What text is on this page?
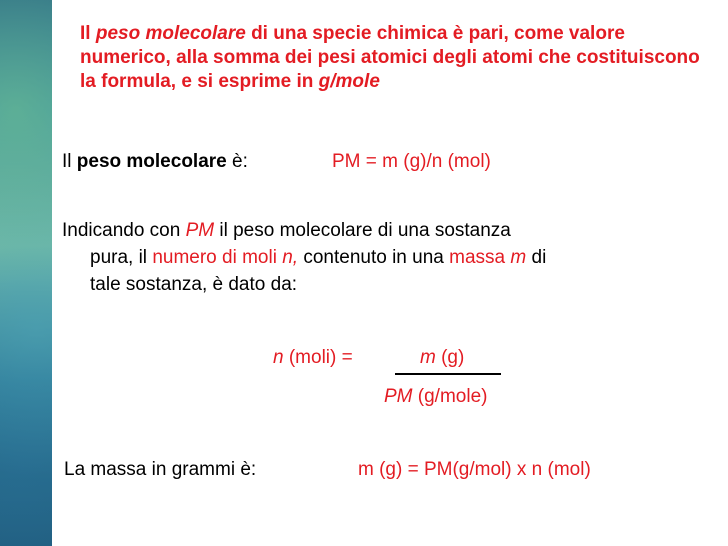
Il peso molecolare di una specie chimica è pari, come valore numerico, alla somma dei pesi atomici degli atomi che costituiscono la formula, e si esprime in g/mole
Il peso molecolare è:	PM = m (g)/n (mol)
Indicando con PM il peso molecolare di una sostanza
pura, il numero di moli n, contenuto in una massa m di
tale sostanza, è dato da:
n (moli) =	m (g)
PM (g/mole)
La massa in grammi è:	m (g) = PM(g/mol) x n (mol)
